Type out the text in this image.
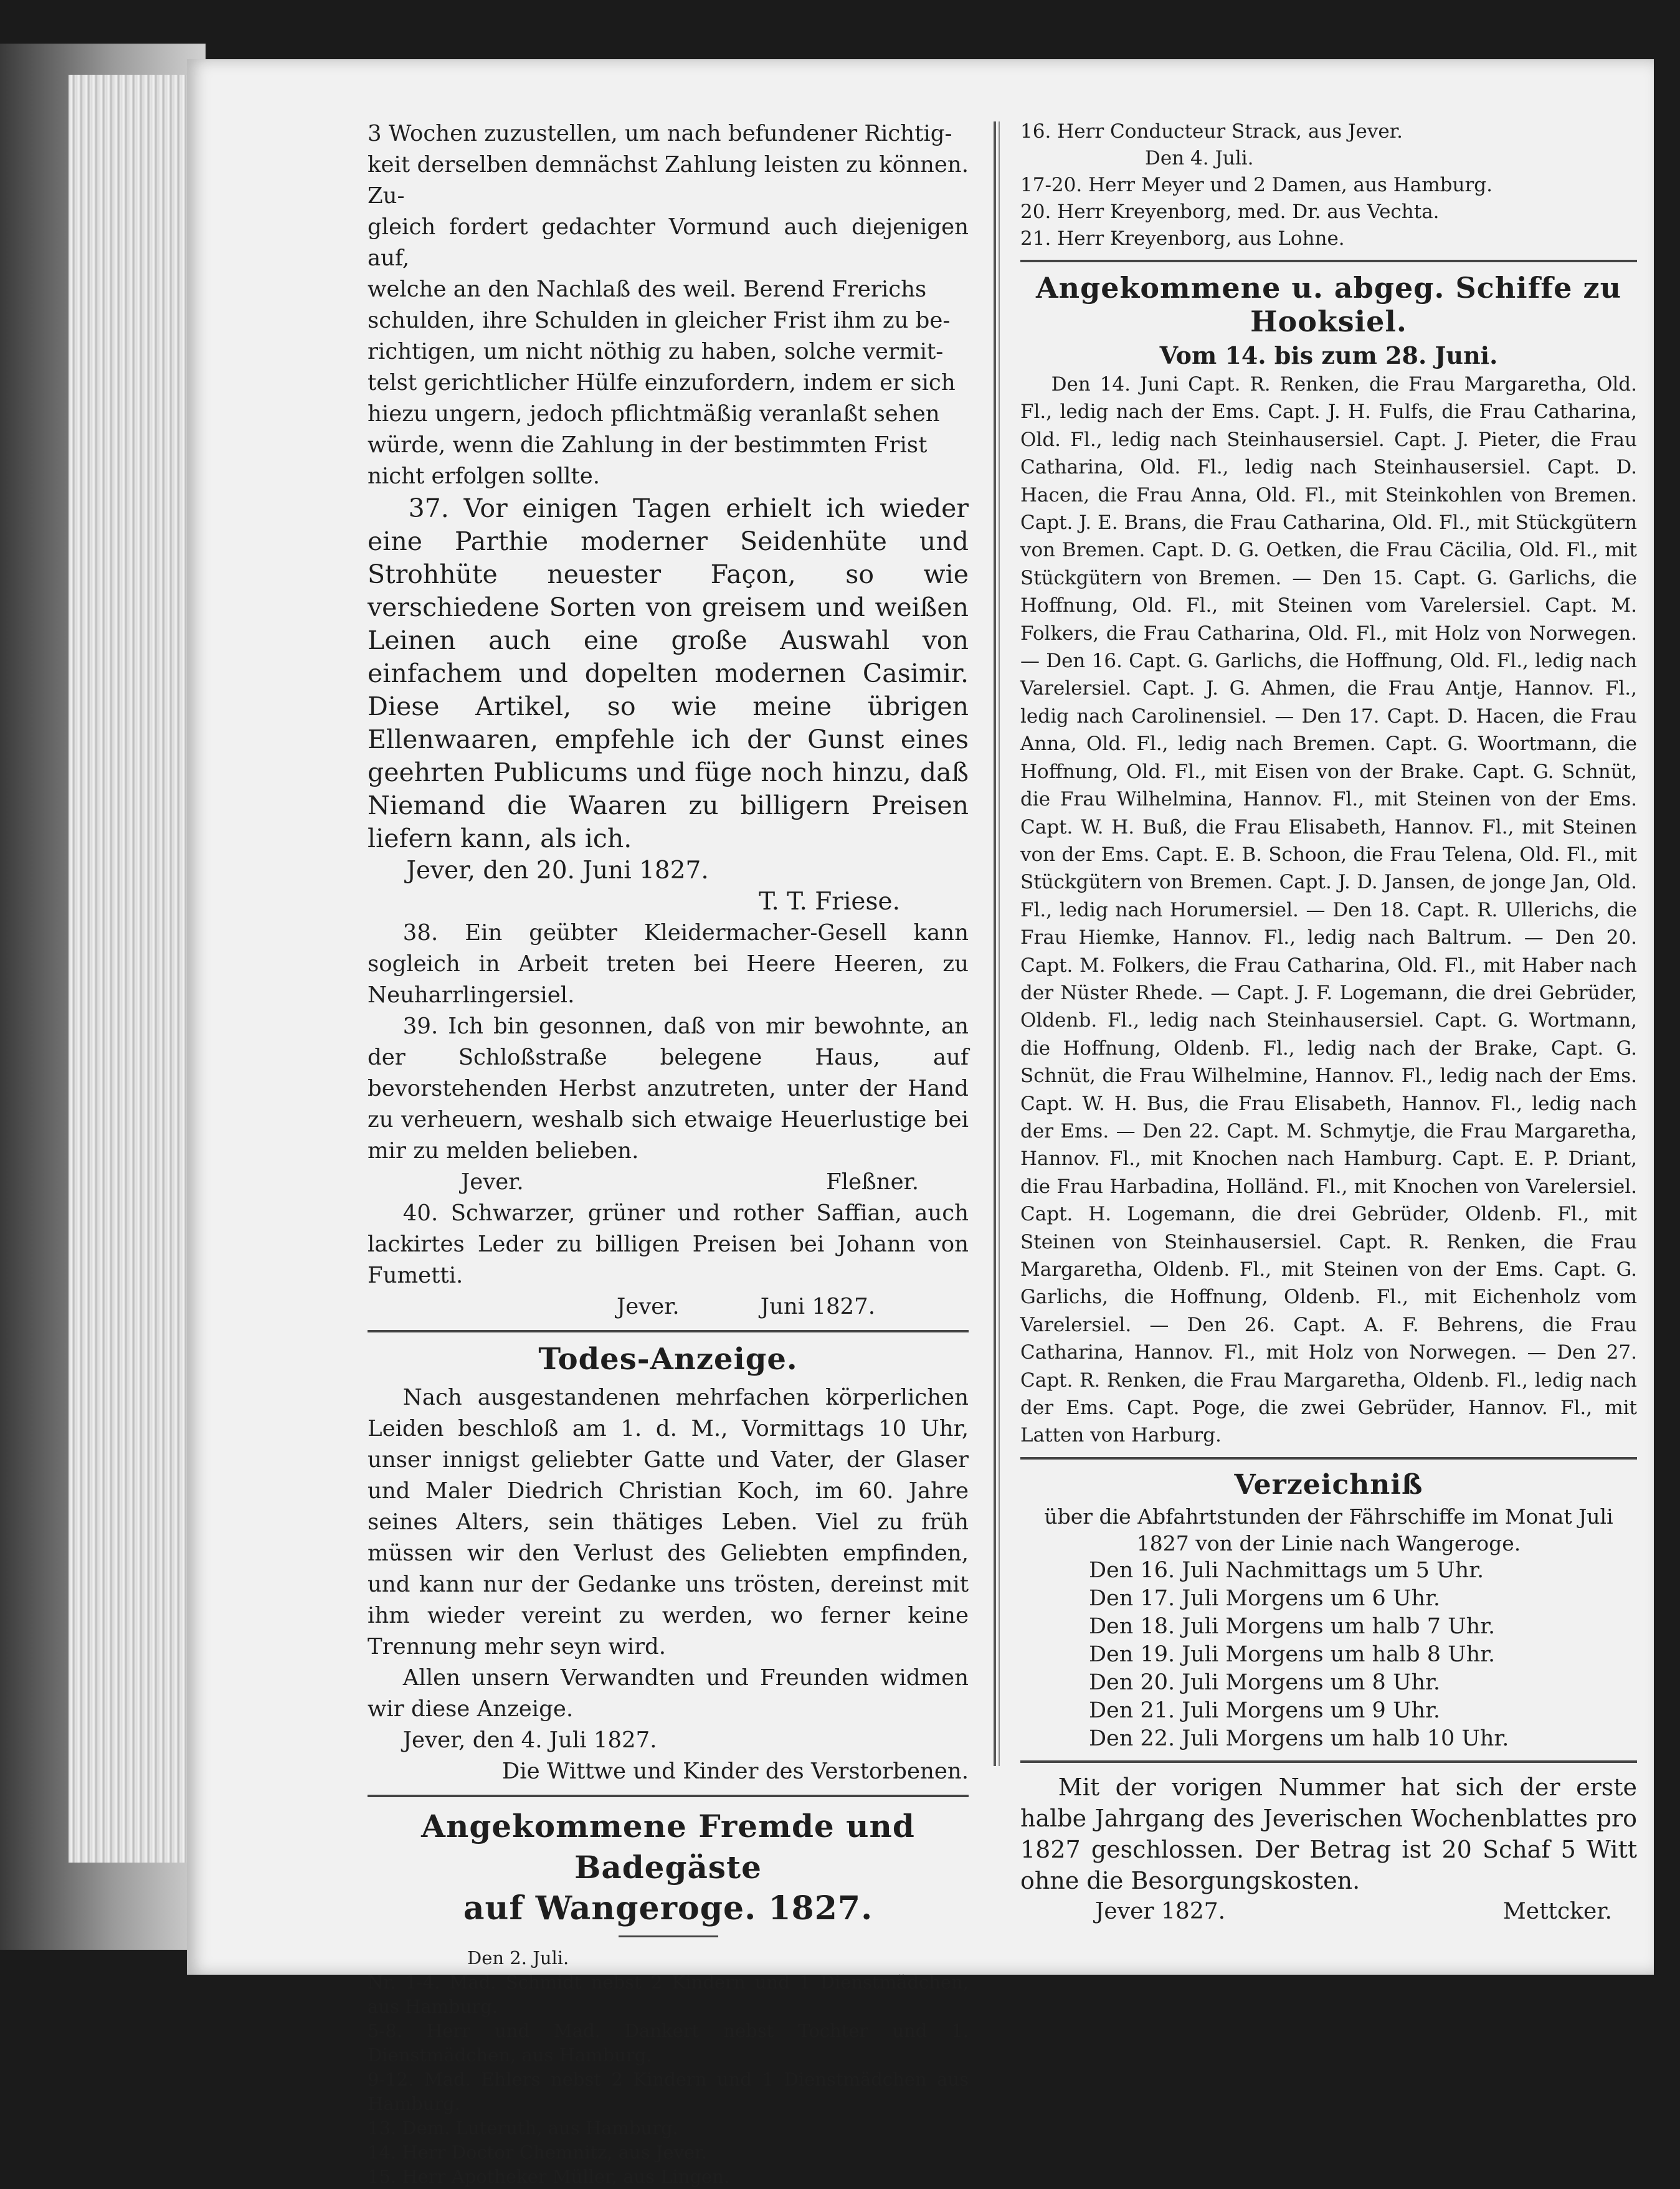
3 Wochen zuzustellen, um nach befundener Richtig-

keit derselben demnächst Zahlung leisten zu können. Zu-

gleich fordert gedachter Vormund auch diejenigen auf,

welche an den Nachlaß des weil. Berend Frerichs

schulden, ihre Schulden in gleicher Frist ihm zu be-

richtigen, um nicht nöthig zu haben, solche vermit-

telst gerichtlicher Hülfe einzufordern, indem er sich

hiezu ungern, jedoch pflichtmäßig veranlaßt sehen

würde, wenn die Zahlung in der bestimmten Frist

nicht erfolgen sollte.

37. Vor einigen Tagen erhielt ich wieder eine Parthie moderner Seidenhüte und Strohhüte neuester Façon, so wie verschiedene Sorten von greisem und weißen Leinen auch eine große Auswahl von einfachem und dopelten modernen Casimir. Diese Artikel, so wie meine übrigen Ellenwaaren, empfehle ich der Gunst eines geehrten Publicums und füge noch hinzu, daß Niemand die Waaren zu billigern Preisen liefern kann, als ich.

Jever, den 20. Juni 1827.

T. T. Friese.

38. Ein geübter Kleidermacher-Gesell kann sogleich in Arbeit treten bei Heere Heeren, zu Neuharrlingersiel.

39. Ich bin gesonnen, daß von mir bewohnte, an der Schloßstraße belegene Haus, auf bevorstehenden Herbst anzutreten, unter der Hand zu verheuern, weshalb sich etwaige Heuerlustige bei mir zu melden belieben.

Jever.	Fleßner.

40. Schwarzer, grüner und rother Saffian, auch lackirtes Leder zu billigen Preisen bei Johann von Fumetti.

Jever.	Juni 1827.
Todes-Anzeige.

Nach ausgestandenen mehrfachen körperlichen Leiden beschloß am 1. d. M., Vormittags 10 Uhr, unser innigst geliebter Gatte und Vater, der Glaser und Maler Diedrich Christian Koch, im 60. Jahre seines Alters, sein thätiges Leben. Viel zu früh müssen wir den Verlust des Geliebten empfinden, und kann nur der Gedanke uns trösten, dereinst mit ihm wieder vereint zu werden, wo ferner keine Trennung mehr seyn wird.

Allen unsern Verwandten und Freunden widmen wir diese Anzeige.

Jever, den 4. Juli 1827.

Die Wittwe und Kinder des Verstorbenen.

Angekommene Fremde und Badegäste
auf Wangeroge. 1827.

Den 2. Juli.

Nr. 1-4. Mad. Schmidt nebst 2 Kindern und 1 Dienstmädchen, aus Hamburg.

5-8. Herr und Mad. Dankert nebst Tochter und 1. Dienstmädchen, aus Hamburg.

9-12. Mad. Ehlers nebst 2 Kindern und 1 Dienstmädchen aus Hamburg.

13. Dem. Luteruth, aus Hamburg.

14. Herr Doctor Chemnitz, aus Jever.

15. Herr Apotheker Müller, aus Lingen.

16. Herr Conducteur Strack, aus Jever.

Den 4. Juli.

17-20. Herr Meyer und 2 Damen, aus Hamburg.

20. Herr Kreyenborg, med. Dr. aus Vechta.

21. Herr Kreyenborg, aus Lohne.

Angekommene u. abgeg. Schiffe zu Hooksiel.
Vom 14. bis zum 28. Juni.

Den 14. Juni Capt. R. Renken, die Frau Margaretha, Old. Fl., ledig nach der Ems. Capt. J. H. Fulfs, die Frau Catharina, Old. Fl., ledig nach Steinhausersiel. Capt. J. Pieter, die Frau Catharina, Old. Fl., ledig nach Steinhausersiel. Capt. D. Hacen, die Frau Anna, Old. Fl., mit Steinkohlen von Bremen. Capt. J. E. Brans, die Frau Catharina, Old. Fl., mit Stückgütern von Bremen. Capt. D. G. Oetken, die Frau Cäcilia, Old. Fl., mit Stückgütern von Bremen. — Den 15. Capt. G. Garlichs, die Hoffnung, Old. Fl., mit Steinen vom Varelersiel. Capt. M. Folkers, die Frau Catharina, Old. Fl., mit Holz von Norwegen. — Den 16. Capt. G. Garlichs, die Hoffnung, Old. Fl., ledig nach Varelersiel. Capt. J. G. Ahmen, die Frau Antje, Hannov. Fl., ledig nach Carolinensiel. — Den 17. Capt. D. Hacen, die Frau Anna, Old. Fl., ledig nach Bremen. Capt. G. Woortmann, die Hoffnung, Old. Fl., mit Eisen von der Brake. Capt. G. Schnüt, die Frau Wilhelmina, Hannov. Fl., mit Steinen von der Ems. Capt. W. H. Buß, die Frau Elisabeth, Hannov. Fl., mit Steinen von der Ems. Capt. E. B. Schoon, die Frau Telena, Old. Fl., mit Stückgütern von Bremen. Capt. J. D. Jansen, de jonge Jan, Old. Fl., ledig nach Horumersiel. — Den 18. Capt. R. Ullerichs, die Frau Hiemke, Hannov. Fl., ledig nach Baltrum. — Den 20. Capt. M. Folkers, die Frau Catharina, Old. Fl., mit Haber nach der Nüster Rhede. — Capt. J. F. Logemann, die drei Gebrüder, Oldenb. Fl., ledig nach Steinhausersiel. Capt. G. Wortmann, die Hoffnung, Oldenb. Fl., ledig nach der Brake, Capt. G. Schnüt, die Frau Wilhelmine, Hannov. Fl., ledig nach der Ems. Capt. W. H. Bus, die Frau Elisabeth, Hannov. Fl., ledig nach der Ems. — Den 22. Capt. M. Schmytje, die Frau Margaretha, Hannov. Fl., mit Knochen nach Hamburg. Capt. E. P. Driant, die Frau Harbadina, Holländ. Fl., mit Knochen von Varelersiel. Capt. H. Logemann, die drei Gebrüder, Oldenb. Fl., mit Steinen von Steinhausersiel. Capt. R. Renken, die Frau Margaretha, Oldenb. Fl., mit Steinen von der Ems. Capt. G. Garlichs, die Hoffnung, Oldenb. Fl., mit Eichenholz vom Varelersiel. — Den 26. Capt. A. F. Behrens, die Frau Catharina, Hannov. Fl., mit Holz von Norwegen. — Den 27. Capt. R. Renken, die Frau Margaretha, Oldenb. Fl., ledig nach der Ems. Capt. Poge, die zwei Gebrüder, Hannov. Fl., mit Latten von Harburg.

Verzeichniß

über die Abfahrtstunden der Fährschiffe im Monat Juli

1827 von der Linie nach Wangeroge.

Den 16. Juli Nachmittags um 5 Uhr.

Den 17. Juli Morgens um 6 Uhr.

Den 18. Juli Morgens um halb 7 Uhr.

Den 19. Juli Morgens um halb 8 Uhr.

Den 20. Juli Morgens um 8 Uhr.

Den 21. Juli Morgens um 9 Uhr.

Den 22. Juli Morgens um halb 10 Uhr.

Mit der vorigen Nummer hat sich der erste halbe Jahrgang des Jeverischen Wochenblattes pro 1827 geschlossen. Der Betrag ist 20 Schaf 5 Witt ohne die Besorgungskosten.

Jever 1827.	Mettcker.
